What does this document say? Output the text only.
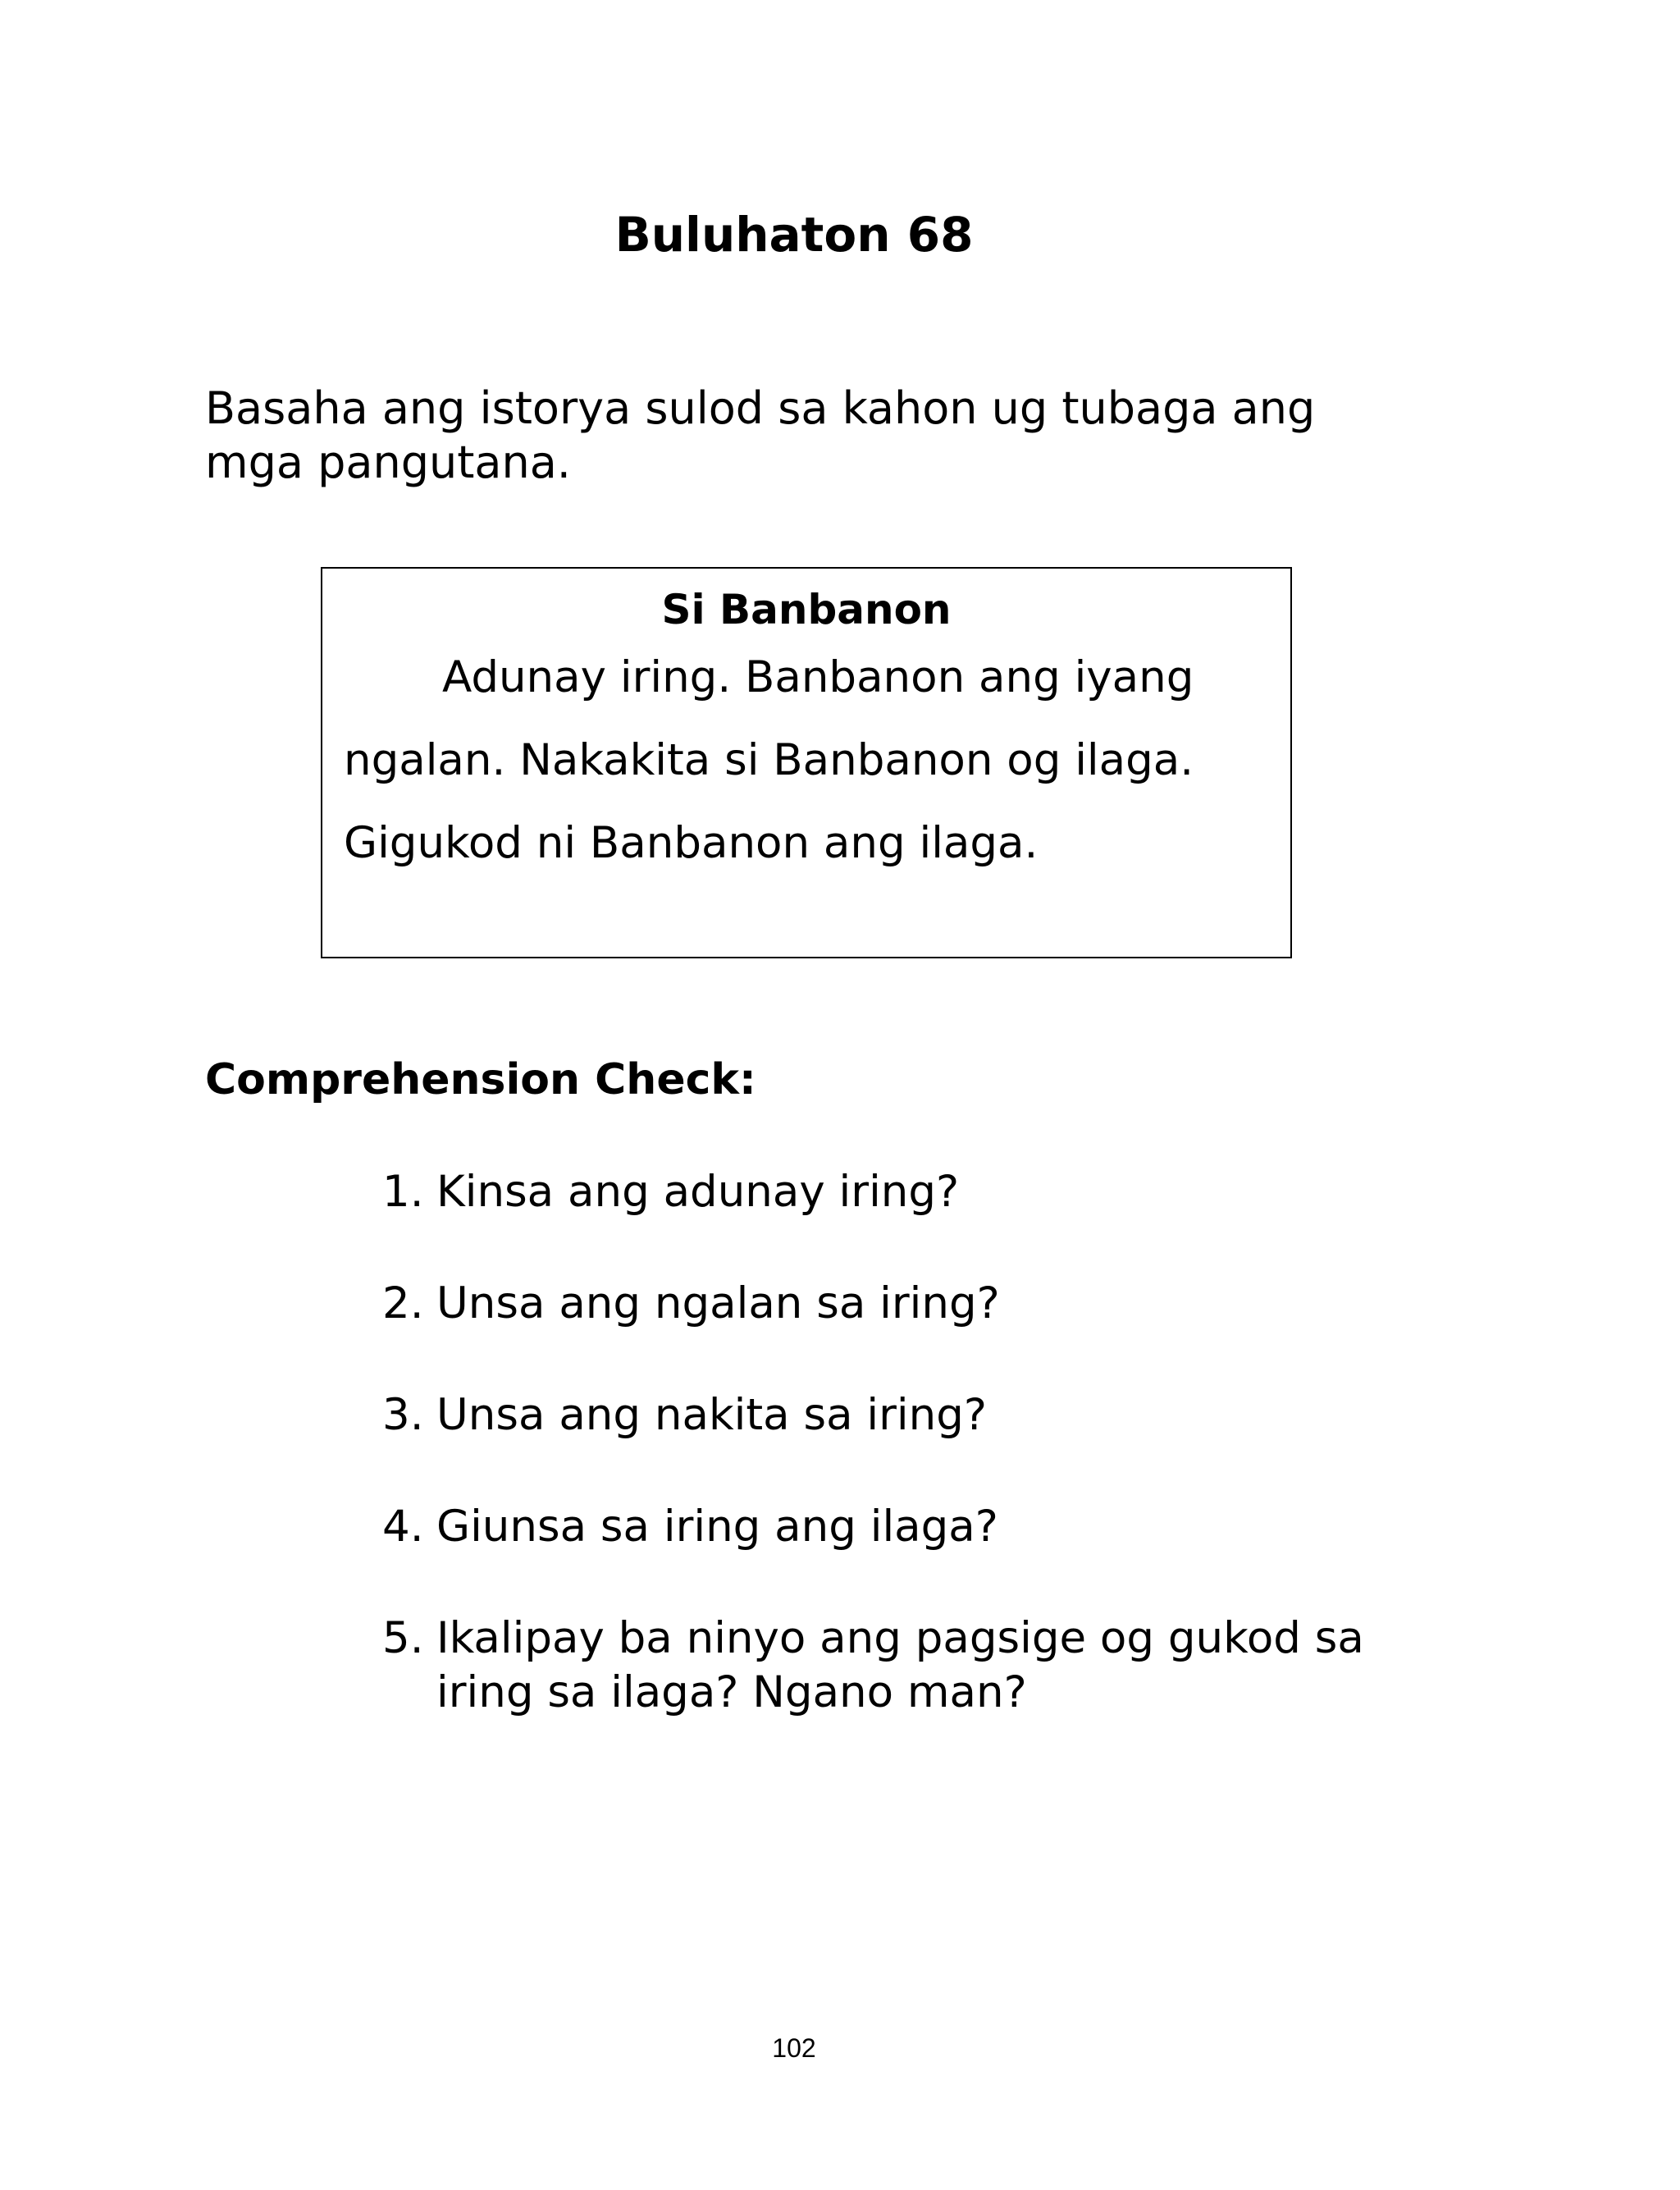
Buluhaton 68

Basaha ang istorya sulod sa kahon ug tubaga ang mga pangutana.

Si Banbanon

Adunay iring. Banbanon ang iyang
ngalan. Nakakita si Banbanon og ilaga.
Gigukod ni Banbanon ang ilaga.

Comprehension Check:
1. Kinsa ang adunay iring?
2. Unsa ang ngalan sa iring?
3. Unsa ang nakita sa iring?
4. Giunsa sa iring ang ilaga?
5. Ikalipay ba ninyo ang pagsige og gukod sa iring sa ilaga? Ngano man?

102
